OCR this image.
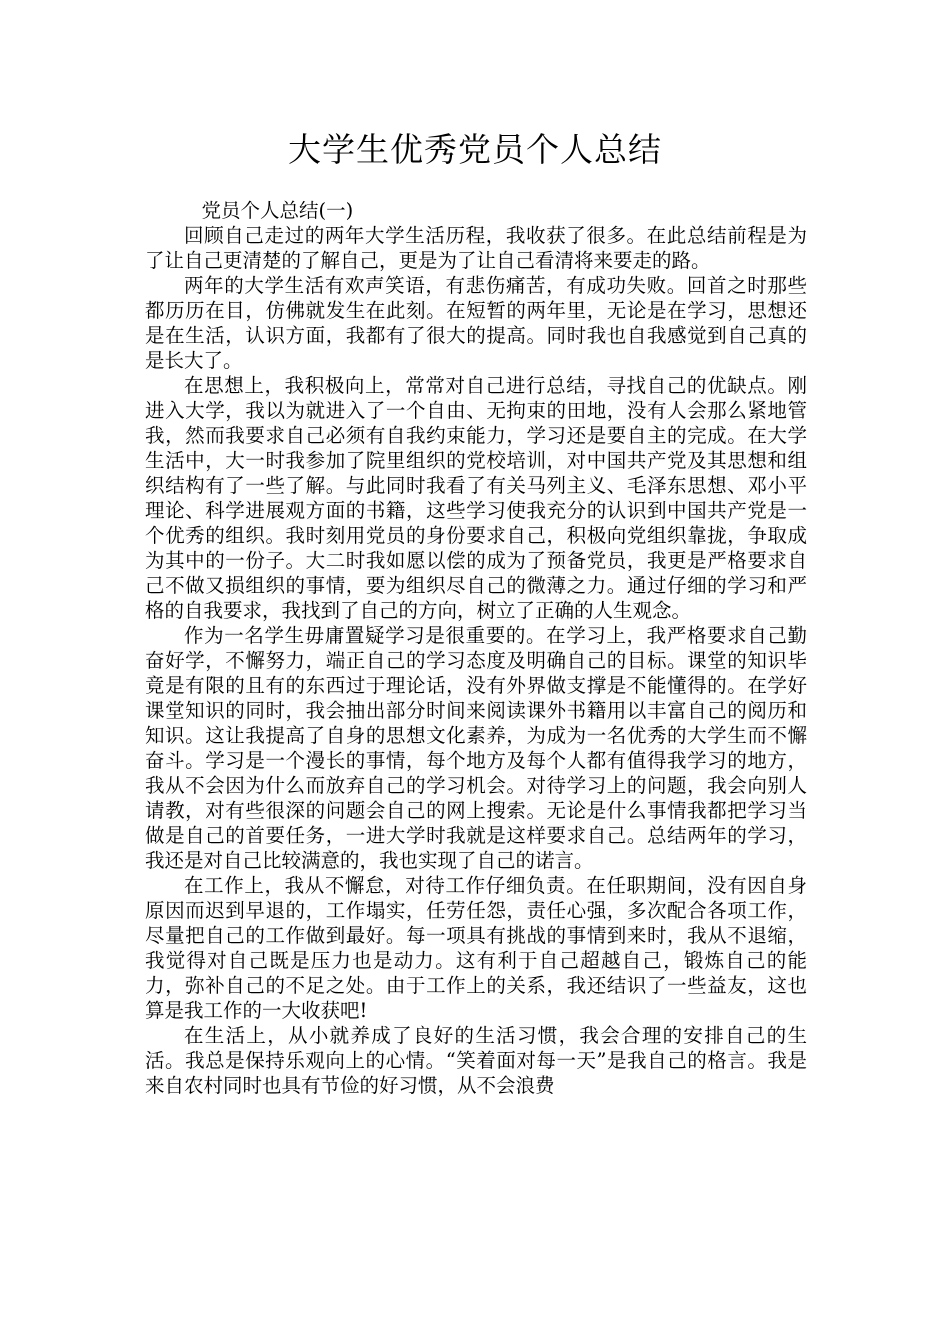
大学生优秀党员个人总结

党员个人总结(一)

回顾自己走过的两年大学生活历程，我收获了很多。在此总结前程是为了让自己更清楚的了解自己，更是为了让自己看清将来要走的路。

两年的大学生活有欢声笑语，有悲伤痛苦，有成功失败。回首之时那些都历历在目，仿佛就发生在此刻。在短暂的两年里，无论是在学习，思想还是在生活，认识方面，我都有了很大的提高。同时我也自我感觉到自己真的是长大了。

在思想上，我积极向上，常常对自己进行总结，寻找自己的优缺点。刚进入大学，我以为就进入了一个自由、无拘束的田地，没有人会那么紧地管我，然而我要求自己必须有自我约束能力，学习还是要自主的完成。在大学生活中，大一时我参加了院里组织的党校培训，对中国共产党及其思想和组织结构有了一些了解。与此同时我看了有关马列主义、毛泽东思想、邓小平理论、科学进展观方面的书籍，这些学习使我充分的认识到中国共产党是一个优秀的组织。我时刻用党员的身份要求自己，积极向党组织靠拢，争取成为其中的一份子。大二时我如愿以偿的成为了预备党员，我更是严格要求自己不做又损组织的事情，要为组织尽自己的微薄之力。通过仔细的学习和严格的自我要求，我找到了自己的方向，树立了正确的人生观念。

作为一名学生毋庸置疑学习是很重要的。在学习上，我严格要求自己勤奋好学，不懈努力，端正自己的学习态度及明确自己的目标。课堂的知识毕竟是有限的且有的东西过于理论话，没有外界做支撑是不能懂得的。在学好课堂知识的同时，我会抽出部分时间来阅读课外书籍用以丰富自己的阅历和知识。这让我提高了自身的思想文化素养，为成为一名优秀的大学生而不懈奋斗。学习是一个漫长的事情，每个地方及每个人都有值得我学习的地方，我从不会因为什么而放弃自己的学习机会。对待学习上的问题，我会向别人请教，对有些很深的问题会自己的网上搜索。无论是什么事情我都把学习当做是自己的首要任务，一进大学时我就是这样要求自己。总结两年的学习，我还是对自己比较满意的，我也实现了自己的诺言。

在工作上，我从不懈怠，对待工作仔细负责。在任职期间，没有因自身原因而迟到早退的，工作塌实，任劳任怨，责任心强，多次配合各项工作，尽量把自己的工作做到最好。每一项具有挑战的事情到来时，我从不退缩，我觉得对自己既是压力也是动力。这有利于自己超越自己，锻炼自己的能力，弥补自己的不足之处。由于工作上的关系，我还结识了一些益友，这也算是我工作的一大收获吧!

在生活上，从小就养成了良好的生活习惯，我会合理的安排自己的生活。我总是保持乐观向上的心情。“笑着面对每一天”是我自己的格言。我是来自农村同时也具有节俭的好习惯，从不会浪费
